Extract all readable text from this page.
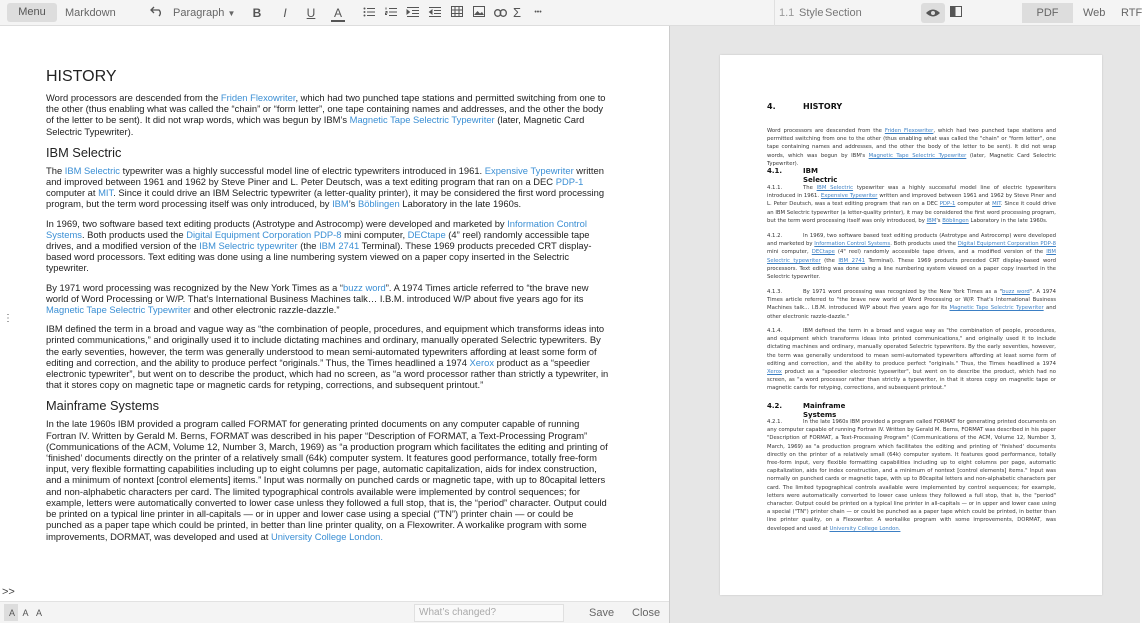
Menu	Markdown	Paragraph ▼ B	I	U A	Σ	•••	1.1 Style Section	PDF	Web RTF
HISTORY

Word processors are descended from the Friden Flexowriter, which had two punched tape stations and permitted switching from one to the other (thus enabling what was called the “chain” or “form letter”, one tape containing names and addresses, and the other the body of the letter to be sent). It did not wrap words, which was begun by IBM’s Magnetic Tape Selectric Typewriter (later, Magnetic Card Selectric Typewriter).

IBM Selectric

The IBM Selectric typewriter was a highly successful model line of electric typewriters introduced in 1961. Expensive Typewriter written and improved between 1961 and 1962 by Steve Piner and L. Peter Deutsch, was a text editing program that ran on a DEC PDP-1 computer at MIT. Since it could drive an IBM Selectric typewriter (a letter-quality printer), it may be considered the first word processing program, but the term word processing itself was only introduced, by IBM’s Böblingen Laboratory in the late 1960s.

In 1969, two software based text editing products (Astrotype and Astrocomp) were developed and marketed by Information Control Systems. Both products used the Digital Equipment Corporation PDP-8 mini computer, DECtape (4” reel) randomly accessible tape drives, and a modified version of the IBM Selectric typewriter (the IBM 2741 Terminal). These 1969 products preceded CRT display-based word processors. Text editing was done using a line numbering system viewed on a paper copy inserted in the Selectric typewriter.

By 1971 word processing was recognized by the New York Times as a “buzz word”. A 1974 Times article referred to “the brave new world of Word Processing or W/P. That’s International Business Machines talk… I.B.M. introduced W/P about five years ago for its Magnetic Tape Selectric Typewriter and other electronic razzle-dazzle.”

IBM defined the term in a broad and vague way as “the combination of people, procedures, and equipment which transforms ideas into printed communications,” and originally used it to include dictating machines and ordinary, manually operated Selectric typewriters. By the early seventies, however, the term was generally understood to mean semi-automated typewriters affording at least some form of editing and correction, and the ability to produce perfect “originals.” Thus, the Times headlined a 1974 Xerox product as a “speedier electronic typewriter”, but went on to describe the product, which had no screen, as “a word processor rather than strictly a typewriter, in that it stores copy on magnetic tape or magnetic cards for retyping, corrections, and subsequent printout.”

Mainframe Systems

In the late 1960s IBM provided a program called FORMAT for generating printed documents on any computer capable of running Fortran IV. Written by Gerald M. Berns, FORMAT was described in his paper “Description of FORMAT, a Text-Processing Program” (Communications of the ACM, Volume 12, Number 3, March, 1969) as “a production program which facilitates the editing and printing of ‘finished’ documents directly on the printer of a relatively small (64k) computer system. It features good performance, totally free-form input, very flexible formatting capabilities including up to eight columns per page, automatic capitalization, aids for index construction, and a minimum of nontext [control elements] items.” Input was normally on punched cards or magnetic tape, with up to 80capital letters and non-alphabetic characters per card. The limited typographical controls available were implemented by control sequences; for example, letters were automatically converted to lower case unless they followed a full stop, that is, the “period” character. Output could be printed on a typical line printer in all-capitals — or in upper and lower case using a special (“TN”) printer chain — or could be punched as a paper tape which could be printed, in better than line printer quality, on a Flexowriter. A workalike program with some improvements, DORMAT, was developed and used at University College London.

⋮
>>
A A A	What’s changed?	Save Close
4.	HISTORY
Word processors are descended from the Friden Flexowriter, which had two punched tape stations and permitted switching from one to the other (thus enabling what was called the "chain" or "form letter", one tape containing names and addresses, and the other the body of the letter to be sent). It did not wrap words, which was begun by IBM's Magnetic Tape Selectric Typewriter (later, Magnetic Card Selectric Typewriter).
4.1.	IBM Selectric
4.1.1.	The IBM Selectric typewriter was a highly successful model line of electric typewriters introduced in 1961. Expensive Typewriter written and improved between 1961 and 1962 by Steve Piner and L. Peter Deutsch, was a text editing program that ran on a DEC PDP-1 computer at MIT. Since it could drive an IBM Selectric typewriter (a letter-quality printer), it may be considered the first word processing program, but the term word processing itself was only introduced, by IBM's Böblingen Laboratory in the late 1960s.
4.1.2.	In 1969, two software based text editing products (Astrotype and Astrocomp) were developed and marketed by Information Control Systems. Both products used the Digital Equipment Corporation PDP-8 mini computer, DECtape (4" reel) randomly accessible tape drives, and a modified version of the IBM Selectric typewriter (the IBM 2741 Terminal). These 1969 products preceded CRT display-based word processors. Text editing was done using a line numbering system viewed on a paper copy inserted in the Selectric typewriter.
4.1.3.	By 1971 word processing was recognized by the New York Times as a "buzz word". A 1974 Times article referred to "the brave new world of Word Processing or W/P. That's International Business Machines talk... I.B.M. introduced W/P about five years ago for its Magnetic Tape Selectric Typewriter and other electronic razzle-dazzle."
4.1.4.	IBM defined the term in a broad and vague way as "the combination of people, procedures, and equipment which transforms ideas into printed communications," and originally used it to include dictating machines and ordinary, manually operated Selectric typewriters. By the early seventies, however, the term was generally understood to mean semi-automated typewriters affording at least some form of editing and correction, and the ability to produce perfect "originals." Thus, the Times headlined a 1974 Xerox product as a "speedier electronic typewriter", but went on to describe the product, which had no screen, as "a word processor rather than strictly a typewriter, in that it stores copy on magnetic tape or magnetic cards for retyping, corrections, and subsequent printout."
4.2.	Mainframe Systems
4.2.1.	In the late 1960s IBM provided a program called FORMAT for generating printed documents on any computer capable of running Fortran IV. Written by Gerald M. Berns, FORMAT was described in his paper "Description of FORMAT, a Text-Processing Program" (Communications of the ACM, Volume 12, Number 3, March, 1969) as "a production program which facilitates the editing and printing of 'finished' documents directly on the printer of a relatively small (64k) computer system. It features good performance, totally free-form input, very flexible formatting capabilities including up to eight columns per page, automatic capitalization, aids for index construction, and a minimum of nontext [control elements] items." Input was normally on punched cards or magnetic tape, with up to 80capital letters and non-alphabetic characters per card. The limited typographical controls available were implemented by control sequences; for example, letters were automatically converted to lower case unless they followed a full stop, that is, the "period" character. Output could be printed on a typical line printer in all-capitals — or in upper and lower case using a special ("TN") printer chain — or could be punched as a paper tape which could be printed, in better than line printer quality, on a Flexowriter. A workalike program with some improvements, DORMAT, was developed and used at University College London.
